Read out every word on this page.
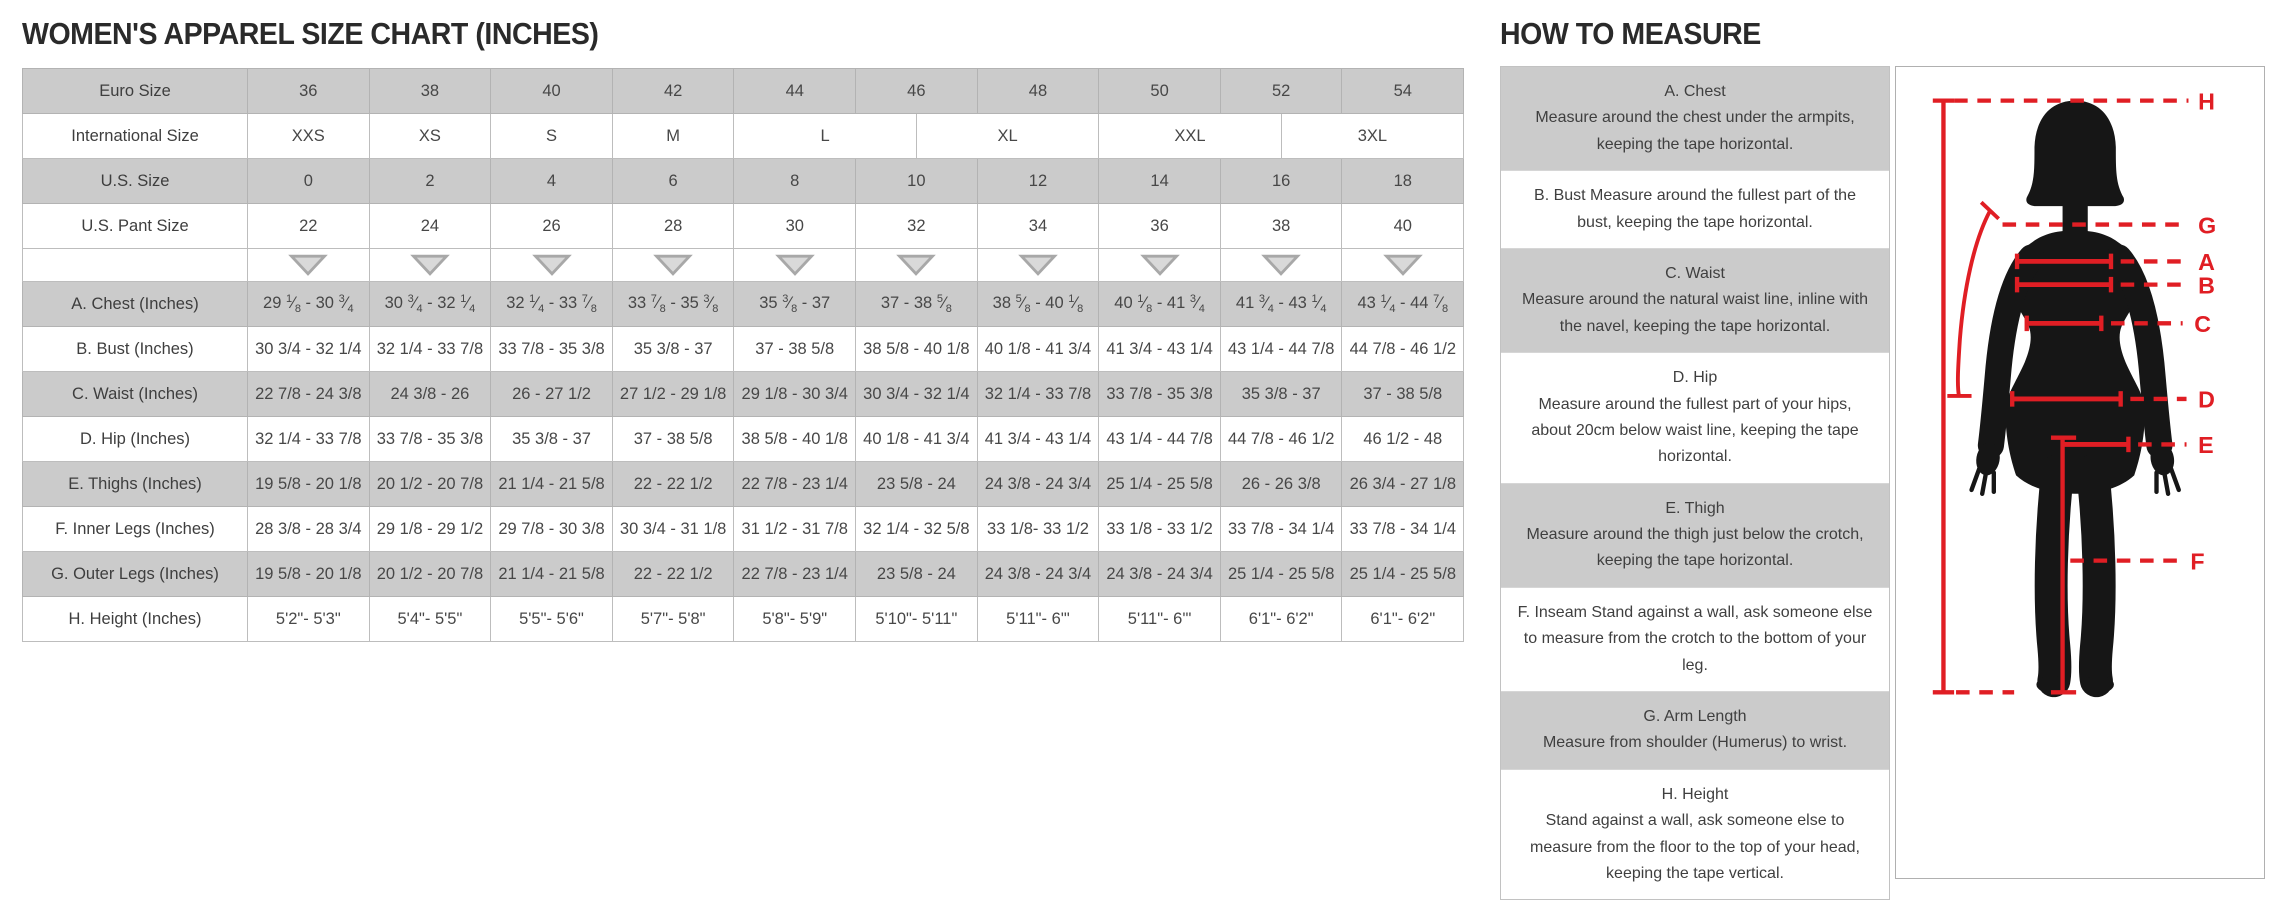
WOMEN'S APPAREL SIZE CHART (INCHES)	HOW TO MEASURE
Euro Size	36	38	40	42	44	46		48	50	52		54
International Size	XXS	XS	S	M	L		XL		XXL		3XL	
U.S. Size	0	2	4	6	8	10		12	14	16		18
U.S. Pant Size	22	24	26	28	30	32		34	36	38		40

A. Chest (Inches)	29 $^1⁄_8 - 30$ $^3⁄_4$	30 $^3⁄_4 - 32$ $^1⁄_4$	32 $^1⁄_4 - 33$ $^7⁄_8$	33 $^7⁄_8 - 35$ $^3⁄_8$	35 $^3⁄_8 - 37$	37 - 38 $^5⁄_8$		38 $^5⁄_8 - 40$ $^1⁄_8$	40 $^1⁄_8 - 41$ $^3⁄_4$	41 $^3⁄_4 - 43$ $^1⁄_4$		43 $^1⁄_4 - 44$ $^7⁄_8$
B. Bust (Inches)	30 3/4 - 32 1/4	32 1/4 - 33 7/8	33 7/8 - 35 3/8	35 3/8 - 37	37 - 38 5/8	38 5/8 - 40 1/8		40 1/8 - 41 3/4	41 3/4 - 43 1/4	43 1/4 - 44 7/8		44 7/8 - 46 1/2
C. Waist (Inches)	22 7/8 - 24 3/8	24 3/8 - 26	26 - 27 1/2	27 1/2 - 29 1/8	29 1/8 - 30 3/4	30 3/4 - 32 1/4		32 1/4 - 33 7/8	33 7/8 - 35 3/8	35 3/8 - 37		37 - 38 5/8
D. Hip (Inches)	32 1/4 - 33 7/8	33 7/8 - 35 3/8	35 3/8 - 37	37 - 38 5/8	38 5/8 - 40 1/8	40 1/8 - 41 3/4		41 3/4 - 43 1/4	43 1/4 - 44 7/8	44 7/8 - 46 1/2		46 1/2 - 48
E. Thighs (Inches)	19 5/8 - 20 1/8	20 1/2 - 20 7/8	21 1/4 - 21 5/8	22 - 22 1/2	22 7/8 - 23 1/4	23 5/8 - 24		24 3/8 - 24 3/4	25 1/4 - 25 5/8	26 - 26 3/8		26 3/4 - 27 1/8
F. Inner Legs (Inches)	28 3/8 - 28 3/4	29 1/8 - 29 1/2	29 7/8 - 30 3/8	30 3/4 - 31 1/8	31 1/2 - 31 7/8	32 1/4 - 32 5/8		33 1/8- 33 1/2	33 1/8 - 33 1/2	33 7/8 - 34 1/4		33 7/8 - 34 1/4
G. Outer Legs (Inches)	19 5/8 - 20 1/8	20 1/2 - 20 7/8	21 1/4 - 21 5/8	22 - 22 1/2	22 7/8 - 23 1/4	23 5/8 - 24		24 3/8 - 24 3/4	24 3/8 - 24 3/4	25 1/4 - 25 5/8		25 1/4 - 25 5/8
H. Height (Inches)	5'2"- 5'3"	5'4"- 5'5"	5'5"- 5'6"	5'7"- 5'8"	5'8"- 5'9"	5'10"- 5'11"		5'11"- 6'"	5'11"- 6'"	6'1"- 6'2"		6'1"- 6'2"
A. Chest
Measure around the chest under the armpits, keeping the tape horizontal.
B. Bust Measure around the fullest part of the bust, keeping the tape horizontal.
C. Waist
Measure around the natural waist line, inline with the navel, keeping the tape horizontal.
D. Hip
Measure around the fullest part of your hips, about 20cm below waist line, keeping the tape horizontal.
E. Thigh
Measure around the thigh just below the crotch, keeping the tape horizontal.
F. Inseam Stand against a wall, ask someone else to measure from the crotch to the bottom of your leg.
G. Arm Length
Measure from shoulder (Humerus) to wrist.
H. Height
Stand against a wall, ask someone else to measure from the floor to the top of your head, keeping the tape vertical.
A
B
C
D
E
F
G
H
